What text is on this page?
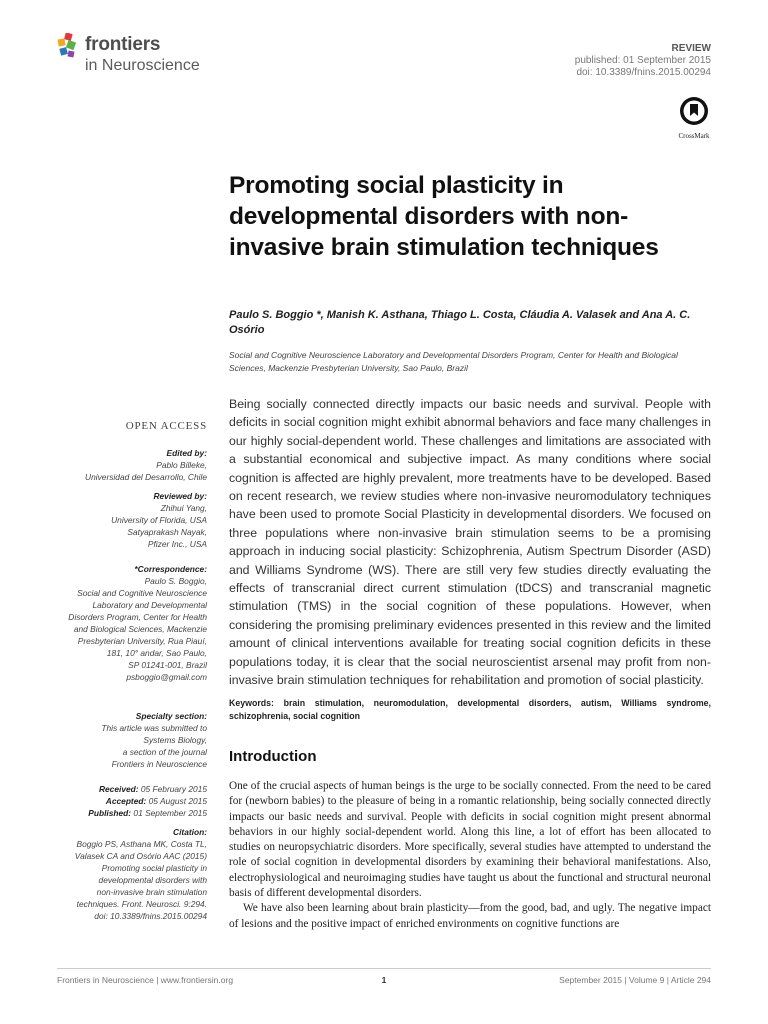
frontiers
in Neuroscience
REVIEW
published: 01 September 2015
doi: 10.3389/fnins.2015.00294
CrossMark
Promoting social plasticity in developmental disorders with non-invasive brain stimulation techniques
Paulo S. Boggio *, Manish K. Asthana, Thiago L. Costa, Cláudia A. Valasek and Ana A. C. Osório
Social and Cognitive Neuroscience Laboratory and Developmental Disorders Program, Center for Health and Biological Sciences, Mackenzie Presbyterian University, Sao Paulo, Brazil
OPEN ACCESS
Edited by:
Pablo Billeke,
Universidad del Desarrollo, Chile
Reviewed by:
Zhihui Yang,
University of Florida, USA
Satyaprakash Nayak,
Pfizer Inc., USA
*Correspondence:
Paulo S. Boggio,
Social and Cognitive Neuroscience
Laboratory and Developmental
Disorders Program, Center for Health
and Biological Sciences, Mackenzie
Presbyterian University, Rua Piauí,
181, 10° andar, Sao Paulo,
SP 01241-001, Brazil
psboggio@gmail.com
Specialty section:
This article was submitted to
Systems Biology,
a section of the journal
Frontiers in Neuroscience
Received: 05 February 2015
Accepted: 05 August 2015
Published: 01 September 2015
Citation:
Boggio PS, Asthana MK, Costa TL,
Valasek CA and Osório AAC (2015)
Promoting social plasticity in
developmental disorders with
non-invasive brain stimulation
techniques. Front. Neurosci. 9:294.
doi: 10.3389/fnins.2015.00294

Being socially connected directly impacts our basic needs and survival. People with deficits in social cognition might exhibit abnormal behaviors and face many challenges in our highly social-dependent world. These challenges and limitations are associated with a substantial economical and subjective impact. As many conditions where social cognition is affected are highly prevalent, more treatments have to be developed. Based on recent research, we review studies where non-invasive neuromodulatory techniques have been used to promote Social Plasticity in developmental disorders. We focused on three populations where non-invasive brain stimulation seems to be a promising approach in inducing social plasticity: Schizophrenia, Autism Spectrum Disorder (ASD) and Williams Syndrome (WS). There are still very few studies directly evaluating the effects of transcranial direct current stimulation (tDCS) and transcranial magnetic stimulation (TMS) in the social cognition of these populations. However, when considering the promising preliminary evidences presented in this review and the limited amount of clinical interventions available for treating social cognition deficits in these populations today, it is clear that the social neuroscientist arsenal may profit from non-invasive brain stimulation techniques for rehabilitation and promotion of social plasticity.

Keywords: brain stimulation, neuromodulation, developmental disorders, autism, Williams syndrome, schizophrenia, social cognition
Introduction

One of the crucial aspects of human beings is the urge to be socially connected. From the need to be cared for (newborn babies) to the pleasure of being in a romantic relationship, being socially connected directly impacts our basic needs and survival. People with deficits in social cognition might present abnormal behaviors in our highly social-dependent world. Along this line, a lot of effort has been allocated to studies on neuropsychiatric disorders. More specifically, several studies have attempted to understand the role of social cognition in developmental disorders by examining their behavioral manifestations. Also, electrophysiological and neuroimaging studies have taught us about the functional and structural neuronal basis of different developmental disorders.

We have also been learning about brain plasticity—from the good, bad, and ugly. The negative impact of lesions and the positive impact of enriched environments on cognitive functions are

Frontiers in Neuroscience | www.frontiersin.org	1	September 2015 | Volume 9 | Article 294
